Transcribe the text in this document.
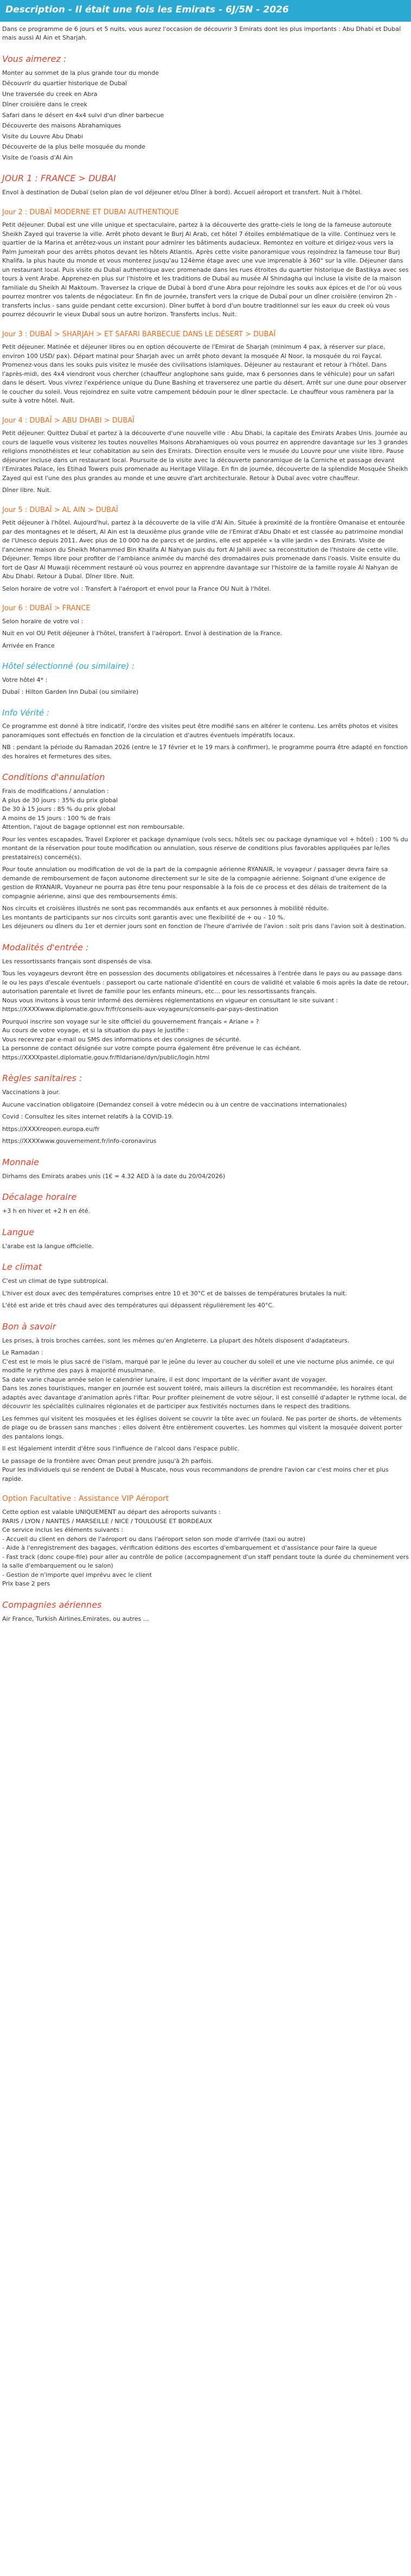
Description - Il était une fois les Emirats - 6J/5N - 2026

Dans ce programme de 6 jours et 5 nuits, vous aurez l'occasion de découvrir 3 Emirats dont les plus importants : Abu Dhabi et Dubaï mais aussi Al Ain et Sharjah.

Vous aimerez :
Monter au sommet de la plus grande tour du monde
Découvrir du quartier historique de Dubaï
Une traversée du creek en Abra
Dîner croisière dans le creek
Safari dans le désert en 4x4 suivi d'un dîner barbecue
Découverte des maisons Abrahamiques
Visite du Louvre Abu Dhabi
Découverte de la plus belle mosquée du monde
Visite de l'oasis d'Al Ain
JOUR 1 : FRANCE > DUBAI

Envol à destination de Dubaï (selon plan de vol déjeuner et/ou Dîner à bord). Accueil aéroport et transfert. Nuit à l'hôtel.

Jour 2 : DUBAÏ MODERNE ET DUBAI AUTHENTIQUE

Petit déjeuner. Dubaï est une ville unique et spectaculaire, partez à la découverte des gratte-ciels le long de la fameuse autoroute Sheikh Zayed qui traverse la ville. Arrêt photo devant le Burj Al Arab, cet hôtel 7 étoiles emblématique de la ville. Continuez vers le quartier de la Marina et arrêtez-vous un instant pour admirer les bâtiments audacieux. Remontez en voiture et dirigez-vous vers la Palm Jumeirah pour des arrêts photos devant les hôtels Atlantis. Après cette visite panoramique vous rejoindrez la fameuse tour Burj Khalifa, la plus haute du monde et vous monterez jusqu'au 124ème étage avec une vue imprenable à 360° sur la ville. Déjeuner dans un restaurant local. Puis visite du Dubaï authentique avec promenade dans les rues étroites du quartier historique de Bastikya avec ses tours à vent Arabe. Apprenez-en plus sur l'histoire et les traditions de Dubaï au musée Al Shindagha qui incluse la visite de la maison familiale du Sheikh Al Maktoum. Traversez la crique de Dubaï à bord d'une Abra pour rejoindre les souks aux épices et de l'or où vous pourrez montrer vos talents de négociateur. En fin de journée, transfert vers la crique de Dubaï pour un dîner croisière (environ 2h - transferts inclus - sans guide pendant cette excursion). Dîner buffet à bord d'un boutre traditionnel sur les eaux du creek où vous pourrez découvrir le vieux Dubaï sous un autre horizon. Transferts inclus. Nuit.

Jour 3 : DUBAÏ > SHARJAH > ET SAFARI BARBECUE DANS LE DÉSERT > DUBAÏ

Petit déjeuner. Matinée et déjeuner libres ou en option découverte de l'Emirat de Sharjah (minimum 4 pax, à réserver sur place, environ 100 USD/ pax). Départ matinal pour Sharjah avec un arrêt photo devant la mosquée Al Noor, la mosquée du roi Faycal. Promenez-vous dans les souks puis visitez le musée des civilisations islamiques. Déjeuner au restaurant et retour à l'hôtel. Dans l'après-midi, des 4x4 viendront vous chercher (chauffeur anglophone sans guide, max 6 personnes dans le véhicule) pour un safari dans le désert. Vous vivrez l'expérience unique du Dune Bashing et traverserez une partie du désert. Arrêt sur une dune pour observer le coucher du soleil. Vous rejoindrez en suite votre campement bédouin pour le dîner spectacle. Le chauffeur vous ramènera par la suite à votre hôtel. Nuit.

Jour 4 : DUBAÏ > ABU DHABI > DUBAÏ

Petit déjeuner. Quittez Dubaï et partez à la découverte d'une nouvelle ville : Abu Dhabi, la capitale des Emirats Arabes Unis. Journée au cours de laquelle vous visiterez les toutes nouvelles Maisons Abrahamiques où vous pourrez en apprendre davantage sur les 3 grandes religions monothéistes et leur cohabitation au sein des Emirats. Direction ensuite vers le musée du Louvre pour une visite libre. Pause déjeuner incluse dans un restaurant local. Poursuite de la visite avec la découverte panoramique de la Corniche et passage devant l'Emirates Palace, les Etihad Towers puis promenade au Heritage Village. En fin de journée, découverte de la splendide Mosquée Sheikh Zayed qui est l'une des plus grandes au monde et une œuvre d'art architecturale. Retour à Dubaï avec votre chauffeur.

Dîner libre. Nuit.

Jour 5 : DUBAÏ > AL AIN > DUBAÏ

Petit déjeuner à l'hôtel. Aujourd'hui, partez à la découverte de la ville d'Al Ain. Située à proximité de la frontière Omanaise et entourée par des montagnes et le désert, Al Ain est la deuxième plus grande ville de l'Emirat d'Abu Dhabi et est classée au patrimoine mondial de l'Unesco depuis 2011. Avec plus de 10 000 ha de parcs et de jardins, elle est appelée « la ville jardin » des Emirats. Visite de l'ancienne maison du Sheikh Mohammed Bin Khalifa Al Nahyan puis du fort Al Jahili avec sa reconstitution de l'histoire de cette ville. Déjeuner. Temps libre pour profiter de l'ambiance animée du marché des dromadaires puis promenade dans l'oasis. Visite ensuite du fort de Qasr Al Muwaiji récemment restauré où vous pourrez en apprendre davantage sur l'histoire de la famille royale Al Nahyan de Abu Dhabi. Retour à Dubaï. Dîner libre. Nuit.

Selon horaire de votre vol : Transfert à l'aéroport et envol pour la France OU Nuit à l'hôtel.

Jour 6 : DUBAÏ > FRANCE

Selon horaire de votre vol :

Nuit en vol OU Petit déjeuner à l'hôtel, transfert à l'aéroport. Envol à destination de la France.

Arrivée en France

Hôtel sélectionné (ou similaire) :

Votre hôtel 4* :

Dubaï : Hilton Garden Inn Dubaï (ou similaire)

Info Vérité :

Ce programme est donné à titre indicatif, l'ordre des visites peut être modifié sans en altérer le contenu. Les arrêts photos et visites panoramiques sont effectués en fonction de la circulation et d'autres éventuels impératifs locaux.

NB : pendant la période du Ramadan 2026 (entre le 17 février et le 19 mars à confirmer), le programme pourra être adapté en fonction des horaires et fermetures des sites.

Conditions d'annulation

Frais de modifications / annulation :
A plus de 30 jours : 35% du prix global
De 30 à 15 jours : 85 % du prix global
A moins de 15 jours : 100 % de frais
Attention, l'ajout de bagage optionnel est non remboursable.

Pour les ventes escapades, Travel Explorer et package dynamique (vols secs, hôtels sec ou package dynamique vol + hôtel) : 100 % du montant de la réservation pour toute modification ou annulation, sous réserve de conditions plus favorables appliquées par le/les prestataire(s) concerné(s).

Pour toute annulation ou modification de vol de la part de la compagnie aérienne RYANAIR, le voyageur / passager devra faire sa demande de remboursement de façon autonome directement sur le site de la compagnie aérienne. Soignant d'une exigence de gestion de RYANAIR, Voyaneur ne pourra pas être tenu pour responsable à la fois de ce process et des délais de traitement de la compagnie aérienne, ainsi que des remboursements émis.

Nos circuits et croisières illustrés ne sont pas recommandés aux enfants et aux personnes à mobilité réduite.
Les montants de participants sur nos circuits sont garantis avec une flexibilité de + ou – 10 %.
Les déjeuners ou dîners du 1er et dernier jours sont en fonction de l'heure d'arrivée de l'avion : soit pris dans l'avion soit à destination.

Modalités d'entrée :

Les ressortissants français sont dispensés de visa.

Tous les voyageurs devront être en possession des documents obligatoires et nécessaires à l'entrée dans le pays ou au passage dans le ou les pays d'escale éventuels : passeport ou carte nationale d'identité en cours de validité et valable 6 mois après la date de retour, autorisation parentale et livret de famille pour les enfants mineurs, etc… pour les ressortissants français.
Nous vous invitons à vous tenir informé des dernières réglementations en vigueur en consultant le site suivant :
https://XXXXwww.diplomatie.gouv.fr/fr/conseils-aux-voyageurs/conseils-par-pays-destination

Pourquoi inscrire son voyage sur le site officiel du gouvernement français « Ariane » ?
Au cours de votre voyage, et si la situation du pays le justifie :
Vous recevrez par e-mail ou SMS des informations et des consignes de sécurité.
La personne de contact désignée sur votre compte pourra également être prévenue le cas échéant.
https://XXXXpastel.diplomatie.gouv.fr/fildariane/dyn/public/login.html

Règles sanitaires :

Vaccinations à jour.

Aucune vaccination obligatoire (Demandez conseil à votre médecin ou à un centre de vaccinations internationales)

Covid : Consultez les sites internet relatifs à la COVID-19.

https://XXXXreopen.europa.eu/fr

https://XXXXwww.gouvernement.fr/info-coronavirus

Monnaie

Dirhams des Emirats arabes unis (1€ = 4.32 AED à la date du 20/04/2026)

Décalage horaire

+3 h en hiver et +2 h en été.

Langue

L'arabe est la langue officielle.

Le climat

C'est un climat de type subtropical.

L'hiver est doux avec des températures comprises entre 10 et 30°C et de baisses de températures brutales la nuit.

L'été est aride et très chaud avec des températures qui dépassent régulièrement les 40°C.

Bon à savoir

Les prises, à trois broches carrées, sont les mêmes qu'en Angleterre. La plupart des hôtels disposent d'adaptateurs.

Le Ramadan :
C'est est le mois le plus sacré de l'islam, marqué par le jeûne du lever au coucher du soleil et une vie nocturne plus animée, ce qui modifie le rythme des pays à majorité musulmane.
Sa date varie chaque année selon le calendrier lunaire, il est donc important de la vérifier avant de voyager.
Dans les zones touristiques, manger en journée est souvent toléré, mais ailleurs la discrétion est recommandée, les horaires étant adaptés avec davantage d'animation après l'iftar. Pour profiter pleinement de votre séjour, il est conseillé d'adapter le rythme local, de découvrir les spécialités culinaires régionales et de participer aux festivités nocturnes dans le respect des traditions.

Les femmes qui visitent les mosquées et les églises doivent se couvrir la tête avec un foulard. Ne pas porter de shorts, de vêtements de plage ou de brassen sans manches : elles doivent être entièrement couvertes. Les hommes qui visitent la mosquée doivent porter des pantalons longs.

Il est légalement interdit d'être sous l'influence de l'alcool dans l'espace public.

Le passage de la frontière avec Oman peut prendre jusqu'à 2h parfois.
Pour les individuels qui se rendent de Dubaï à Muscate, nous vous recommandons de prendre l'avion car c'est moins cher et plus rapide.

Option Facultative : Assistance VIP Aéroport

Cette option est valable UNIQUEMENT au départ des aéroports suivants :
PARIS / LYON / NANTES / MARSEILLE / NICE / TOULOUSE ET BORDEAUX
Ce service inclus les éléments suivants :
- Accueil du client en dehors de l'aéroport ou dans l'aéroport selon son mode d'arrivée (taxi ou autre)
- Aide à l'enregistrement des bagages, vérification éditions des escortes d'embarquement et d'assistance pour faire la queue
- Fast track (donc coupe-file) pour aller au contrôle de police (accompagnement d'un staff pendant toute la durée du cheminement vers la salle d'embarquement ou le salon)
- Gestion de n'importe quel imprévu avec le client
Prix base 2 pers

Compagnies aériennes

Air France, Turkish Airlines,Emirates, ou autres ...
